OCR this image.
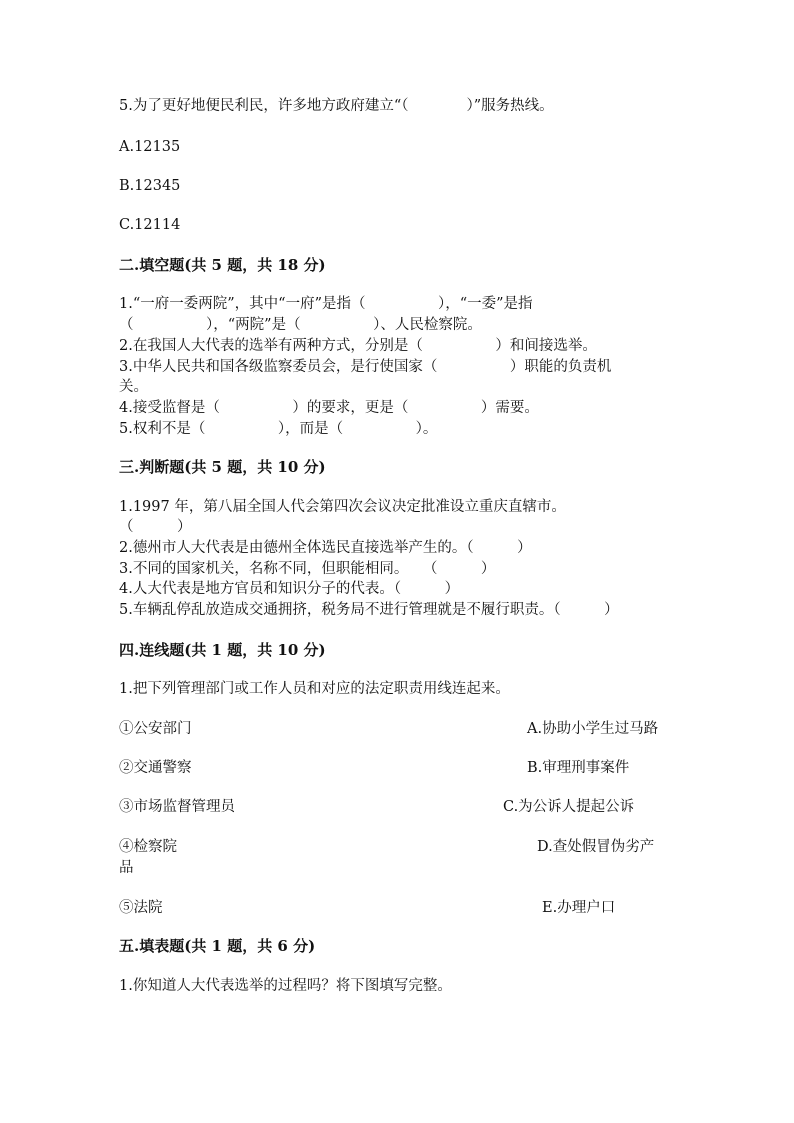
5.为了更好地便民利民，许多地方政府建立“（　　　　）”服务热线。
A.12135
B.12345
C.12114
二.填空题(共 5 题，共 18 分)
1.“一府一委两院”，其中“一府”是指（　　　　　），“一委”是指
（　　　　　），“两院”是（　　　　　）、人民检察院。
2.在我国人大代表的选举有两种方式，分别是（　　　　　）和间接选举。
3.中华人民共和国各级监察委员会，是行使国家（　　　　　）职能的负责机
关。
4.接受监督是（　　　　　）的要求，更是（　　　　　）需要。
5.权利不是（　　　　　），而是（　　　　　）。
三.判断题(共 5 题，共 10 分)
1.1997 年，第八届全国人代会第四次会议决定批准设立重庆直辖市。
（　　　）
2.德州市人大代表是由德州全体选民直接选举产生的。（　　　）
3.不同的国家机关，名称不同，但职能相同。　　（　　　）
4.人大代表是地方官员和知识分子的代表。（　　　）
5.车辆乱停乱放造成交通拥挤，税务局不进行管理就是不履行职责。（　　　）
四.连线题(共 1 题，共 10 分)
1.把下列管理部门或工作人员和对应的法定职责用线连起来。
①公安部门	A.协助小学生过马路
②交通警察	B.审理刑事案件
③市场监督管理员	C.为公诉人提起公诉
④检察院	D.查处假冒伪劣产
品
⑤法院	E.办理户口
五.填表题(共 1 题，共 6 分)
1.你知道人大代表选举的过程吗？将下图填写完整。
